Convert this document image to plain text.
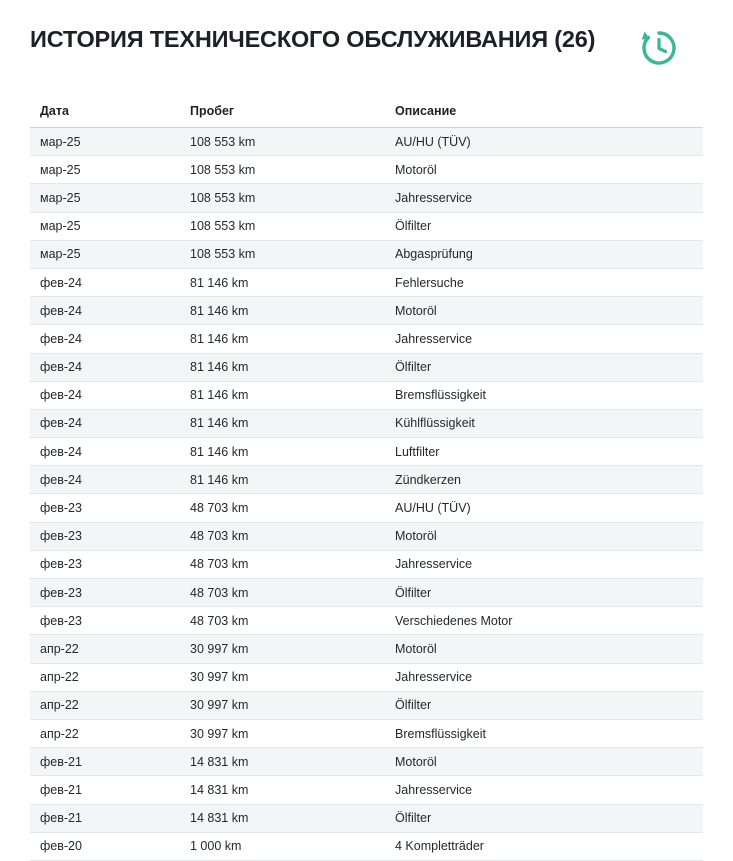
ИСТОРИЯ ТЕХНИЧЕСКОГО ОБСЛУЖИВАНИЯ (26)
Дата	Пробег	Описание
мар-25	108 553 km	AU/HU (TÜV)
мар-25	108 553 km	Motoröl
мар-25	108 553 km	Jahresservice
мар-25	108 553 km	Ölfilter
мар-25	108 553 km	Abgasprüfung
фев-24	81 146 km	Fehlersuche
фев-24	81 146 km	Motoröl
фев-24	81 146 km	Jahresservice
фев-24	81 146 km	Ölfilter
фев-24	81 146 km	Bremsflüssigkeit
фев-24	81 146 km	Kühlflüssigkeit
фев-24	81 146 km	Luftfilter
фев-24	81 146 km	Zündkerzen
фев-23	48 703 km	AU/HU (TÜV)
фев-23	48 703 km	Motoröl
фев-23	48 703 km	Jahresservice
фев-23	48 703 km	Ölfilter
фев-23	48 703 km	Verschiedenes Motor
апр-22	30 997 km	Motoröl
апр-22	30 997 km	Jahresservice
апр-22	30 997 km	Ölfilter
апр-22	30 997 km	Bremsflüssigkeit
фев-21	14 831 km	Motoröl
фев-21	14 831 km	Jahresservice
фев-21	14 831 km	Ölfilter
фев-20	1 000 km	4 Kompletträder
